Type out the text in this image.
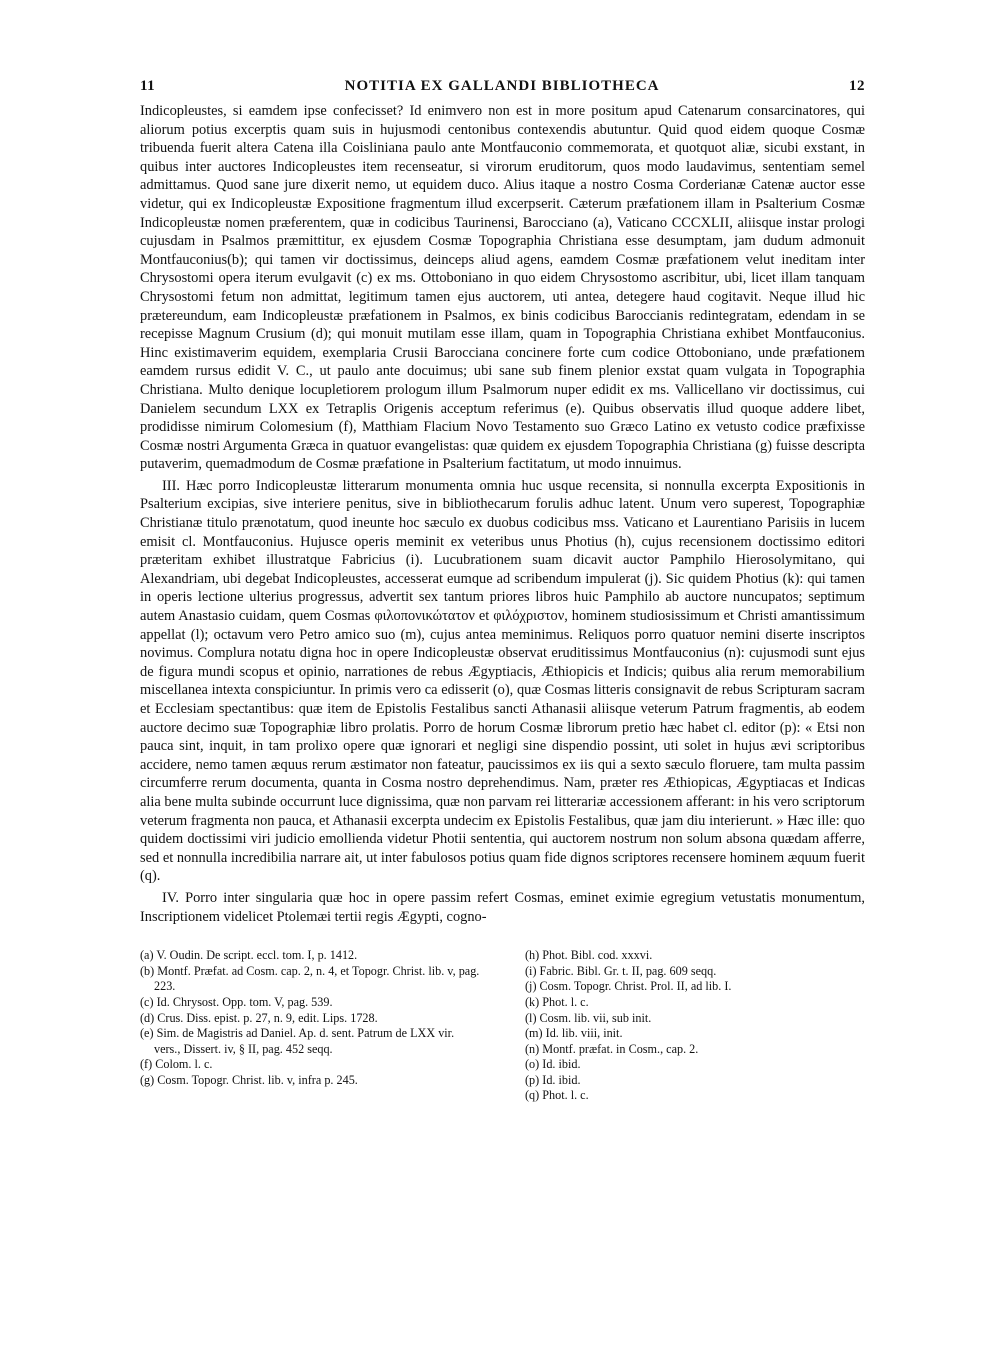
11	NOTITIA EX GALLANDI BIBLIOTHECA	12

Indicopleustes, si eamdem ipse confecisset? Id enimvero non est in more positum apud Catenarum consarcinatores, qui aliorum potius excerptis quam suis in hujusmodi centonibus contexendis abutuntur. Quid quod eidem quoque Cosmæ tribuenda fuerit altera Catena illa Coisliniana paulo ante Montfauconio commemorata, et quotquot aliæ, sicubi exstant, in quibus inter auctores Indicopleustes item recenseatur, si virorum eruditorum, quos modo laudavimus, sententiam semel admittamus. Quod sane jure dixerit nemo, ut equidem duco. Alius itaque a nostro Cosma Corderianæ Catenæ auctor esse videtur, qui ex Indicopleustæ Expositione fragmentum illud excerpserit. Cæterum præfationem illam in Psalterium Cosmæ Indicopleustæ nomen præferentem, quæ in codicibus Taurinensi, Barocciano (a), Vaticano CCCXLII, aliisque instar prologi cujusdam in Psalmos præmittitur, ex ejusdem Cosmæ Topographia Christiana esse desumptam, jam dudum admonuit Montfauconius(b); qui tamen vir doctissimus, deinceps aliud agens, eamdem Cosmæ præfationem velut ineditam inter Chrysostomi opera iterum evulgavit (c) ex ms. Ottoboniano in quo eidem Chrysostomo ascribitur, ubi, licet illam tanquam Chrysostomi fetum non admittat, legitimum tamen ejus auctorem, uti antea, detegere haud cogitavit. Neque illud hic prætereundum, eam Indicopleustæ præfationem in Psalmos, ex binis codicibus Baroccianis redintegratam, edendam in se recepisse Magnum Crusium (d); qui monuit mutilam esse illam, quam in Topographia Christiana exhibet Montfauconius. Hinc existimaverim equidem, exemplaria Crusii Barocciana concinere forte cum codice Ottoboniano, unde præfationem eamdem rursus edidit V. C., ut paulo ante docuimus; ubi sane sub finem plenior exstat quam vulgata in Topographia Christiana. Multo denique locupletiorem prologum illum Psalmorum nuper edidit ex ms. Vallicellano vir doctissimus, cui Danielem secundum LXX ex Tetraplis Origenis acceptum referimus (e). Quibus observatis illud quoque addere libet, prodidisse nimirum Colomesium (f), Matthiam Flacium Novo Testamento suo Græco Latino ex vetusto codice præfixisse Cosmæ nostri Argumenta Græca in quatuor evangelistas: quæ quidem ex ejusdem Topographia Christiana (g) fuisse descripta putaverim, quemadmodum de Cosmæ præfatione in Psalterium factitatum, ut modo innuimus.

III. Hæc porro Indicopleustæ litterarum monumenta omnia huc usque recensita, si nonnulla excerpta Expositionis in Psalterium excipias, sive interiere penitus, sive in bibliothecarum forulis adhuc latent. Unum vero superest, Topographiæ Christianæ titulo prænotatum, quod ineunte hoc sæculo ex duobus codicibus mss. Vaticano et Laurentiano Parisiis in lucem emisit cl. Montfauconius. Hujusce operis meminit ex veteribus unus Photius (h), cujus recensionem doctissimo editori præteritam exhibet illustratque Fabricius (i). Lucubrationem suam dicavit auctor Pamphilo Hierosolymitano, qui Alexandriam, ubi degebat Indicopleustes, accesserat eumque ad scribendum impulerat (j). Sic quidem Photius (k): qui tamen in operis lectione ulterius progressus, advertit sex tantum priores libros huic Pamphilo ab auctore nuncupatos; septimum autem Anastasio cuidam, quem Cosmas φιλοπονικώτατον et φιλόχριστον, hominem studiosissimum et Christi amantissimum appellat (l); octavum vero Petro amico suo (m), cujus antea meminimus. Reliquos porro quatuor nemini diserte inscriptos novimus. Complura notatu digna hoc in opere Indicopleustæ observat eruditissimus Montfauconius (n): cujusmodi sunt ejus de figura mundi scopus et opinio, narrationes de rebus Ægyptiacis, Æthiopicis et Indicis; quibus alia rerum memorabilium miscellanea intexta conspiciuntur. In primis vero ca edisserit (o), quæ Cosmas litteris consignavit de rebus Scripturam sacram et Ecclesiam spectantibus: quæ item de Epistolis Festalibus sancti Athanasii aliisque veterum Patrum fragmentis, ab eodem auctore decimo suæ Topographiæ libro prolatis. Porro de horum Cosmæ librorum pretio hæc habet cl. editor (p): « Etsi non pauca sint, inquit, in tam prolixo opere quæ ignorari et negligi sine dispendio possint, uti solet in hujus ævi scriptoribus accidere, nemo tamen æquus rerum æstimator non fateatur, paucissimos ex iis qui a sexto sæculo floruere, tam multa passim circumferre rerum documenta, quanta in Cosma nostro deprehendimus. Nam, præter res Æthiopicas, Ægyptiacas et Indicas alia bene multa subinde occurrunt luce dignissima, quæ non parvam rei litterariæ accessionem afferant: in his vero scriptorum veterum fragmenta non pauca, et Athanasii excerpta undecim ex Epistolis Festalibus, quæ jam diu interierunt. » Hæc ille: quo quidem doctissimi viri judicio emollienda videtur Photii sententia, qui auctorem nostrum non solum absona quædam afferre, sed et nonnulla incredibilia narrare ait, ut inter fabulosos potius quam fide dignos scriptores recensere hominem æquum fuerit (q).

IV. Porro inter singularia quæ hoc in opere passim refert Cosmas, eminet eximie egregium vetustatis monumentum, Inscriptionem videlicet Ptolemæi tertii regis Ægypti, cogno-

(a) V. Oudin. De script. eccl. tom. I, p. 1412.

(b) Montf. Præfat. ad Cosm. cap. 2, n. 4, et Topogr. Christ. lib. v, pag. 223.

(c) Id. Chrysost. Opp. tom. V, pag. 539.

(d) Crus. Diss. epist. p. 27, n. 9, edit. Lips. 1728.

(e) Sim. de Magistris ad Daniel. Ap. d. sent. Patrum de LXX vir. vers., Dissert. iv, § II, pag. 452 seqq.

(f) Colom. l. c.

(g) Cosm. Topogr. Christ. lib. v, infra p. 245.

(h) Phot. Bibl. cod. xxxvi.

(i) Fabric. Bibl. Gr. t. II, pag. 609 seqq.

(j) Cosm. Topogr. Christ. Prol. II, ad lib. I.

(k) Phot. l. c.

(l) Cosm. lib. vii, sub init.

(m) Id. lib. viii, init.

(n) Montf. præfat. in Cosm., cap. 2.

(o) Id. ibid.

(p) Id. ibid.

(q) Phot. l. c.
